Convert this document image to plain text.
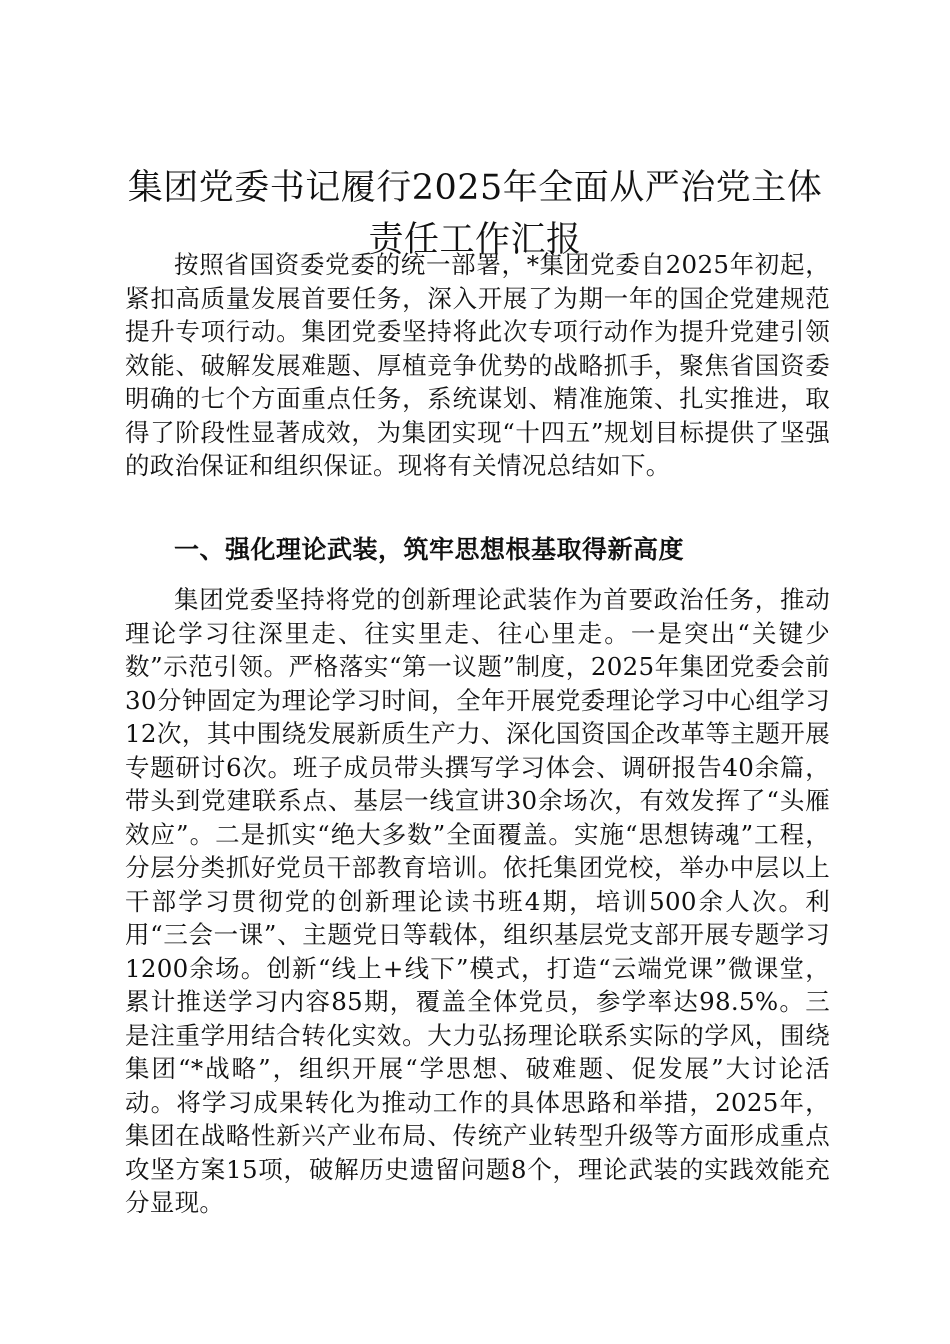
集团党委书记履行2025年全面从严治党主体
责任工作汇报

按照省国资委党委的统一部署，*集团党委自2025年初起，紧扣高质量发展首要任务，深入开展了为期一年的国企党建规范提升专项行动。集团党委坚持将此次专项行动作为提升党建引领效能、破解发展难题、厚植竞争优势的战略抓手，聚焦省国资委明确的七个方面重点任务，系统谋划、精准施策、扎实推进，取得了阶段性显著成效，为集团实现“十四五”规划目标提供了坚强的政治保证和组织保证。现将有关情况总结如下。

一、强化理论武装，筑牢思想根基取得新高度

集团党委坚持将党的创新理论武装作为首要政治任务，推动理论学习往深里走、往实里走、往心里走。一是突出“关键少数”示范引领。严格落实“第一议题”制度，2025年集团党委会前30分钟固定为理论学习时间，全年开展党委理论学习中心组学习12次，其中围绕发展新质生产力、深化国资国企改革等主题开展专题研讨6次。班子成员带头撰写学习体会、调研报告40余篇，带头到党建联系点、基层一线宣讲30余场次，有效发挥了“头雁效应”。二是抓实“绝大多数”全面覆盖。实施“思想铸魂”工程，分层分类抓好党员干部教育培训。依托集团党校，举办中层以上干部学习贯彻党的创新理论读书班4期，培训500余人次。利用“三会一课”、主题党日等载体，组织基层党支部开展专题学习1200余场。创新“线上+线下”模式，打造“云端党课”微课堂，累计推送学习内容85期，覆盖全体党员，参学率达98.5%。三是注重学用结合转化实效。大力弘扬理论联系实际的学风，围绕集团“*战略”，组织开展“学思想、破难题、促发展”大讨论活动。将学习成果转化为推动工作的具体思路和举措，2025年，集团在战略性新兴产业布局、传统产业转型升级等方面形成重点攻坚方案15项，破解历史遗留问题8个，理论武装的实践效能充分显现。
